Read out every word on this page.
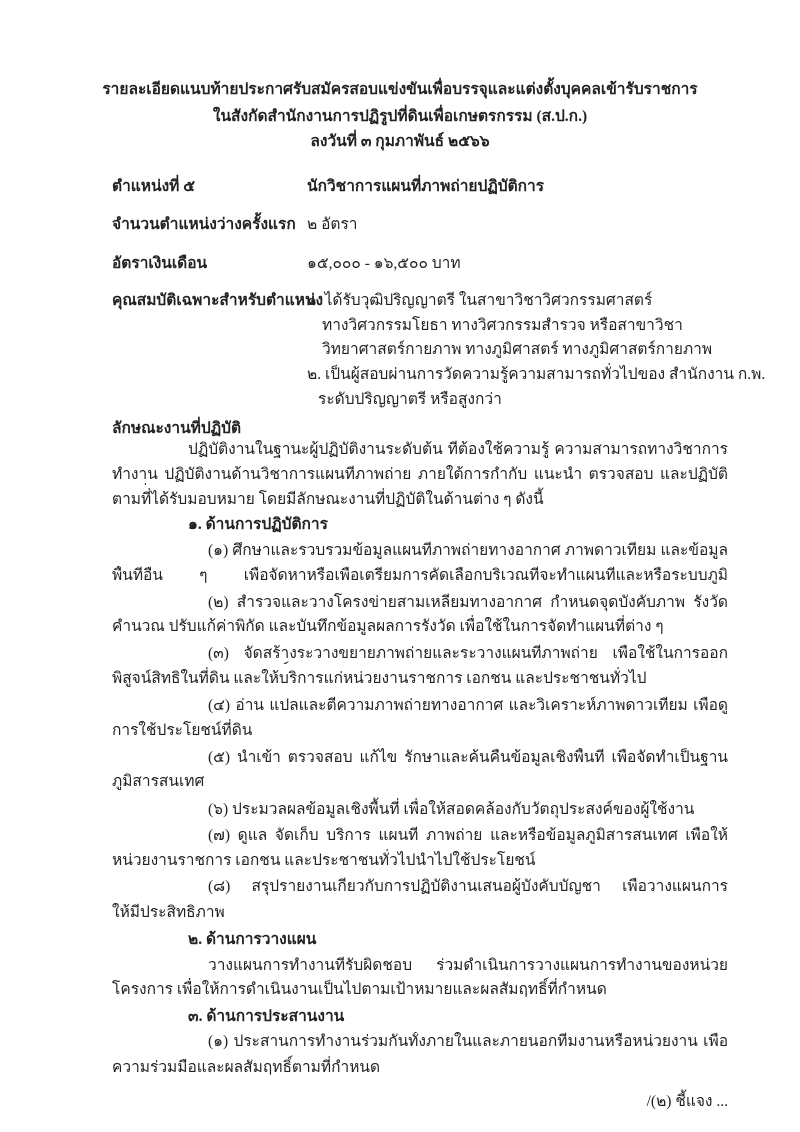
รายละเอียดแนบท้ายประกาศรับสมัครสอบแข่งขันเพื่อบรรจุและแต่งตั้งบุคคลเข้ารับราชการ
ในสังกัดสำนักงานการปฏิรูปที่ดินเพื่อเกษตรกรรม (ส.ป.ก.)
ลงวันที่ ๓ กุมภาพันธ์ ๒๕๖๖
ตำแหน่งที่ ๕	นักวิชาการแผนที่ภาพถ่ายปฏิบัติการ
จำนวนตำแหน่งว่างครั้งแรก ๒ อัตรา
อัตราเงินเดือน	๑๕,๐๐๐ - ๑๖,๕๐๐ บาท
คุณสมบัติเฉพาะสำหรับตำแหน่ง
๑. ได้รับวุฒิปริญญาตรี ในสาขาวิชาวิศวกรรมศาสตร์
ทางวิศวกรรมโยธา ทางวิศวกรรมสำรวจ หรือสาขาวิชา
วิทยาศาสตร์กายภาพ ทางภูมิศาสตร์ ทางภูมิศาสตร์กายภาพ
๒. เป็นผู้สอบผ่านการวัดความรู้ความสามารถทั่วไปของ สำนักงาน ก.พ.
ระดับปริญญาตรี หรือสูงกว่า
ลักษณะงานที่ปฏิบัติ
ปฏิบัติงานในฐานะผู้ปฏิบัติงานระดับต้น ที่ต้องใช้ความรู้ ความสามารถทางวิชาการ
ทำงาน ปฏิบัติงานด้านวิชาการแผนที่ภาพถ่าย ภายใต้การกำกับ แนะนำ ตรวจสอบ และปฏิบัติ
ตามที่ได้รับมอบหมาย โดยมีลักษณะงานที่ปฏิบัติในด้านต่าง ๆ ดังนี้
๑. ด้านการปฏิบัติการ
(๑) ศึกษาและรวบรวมข้อมูลแผนที่ภาพถ่ายทางอากาศ ภาพดาวเทียม และข้อมูล
พื้นที่อื่น ๆ เพื่อจัดหาหรือเพื่อเตรียมการคัดเลือกบริเวณที่จะทำแผนที่และหรือระบบภูมิ
(๒) สำรวจและวางโครงข่ายสามเหลี่ยมทางอากาศ กำหนดจุดบังคับภาพ รังวัด
คำนวณ ปรับแก้ค่าพิกัด และบันทึกข้อมูลผลการรังวัด เพื่อใช้ในการจัดทำแผนที่ต่าง ๆ
(๓) จัดสร้างระวางขยายภาพถ่ายและระวางแผนที่ภาพถ่าย เพื่อใช้ในการออก
พิสูจน์สิทธิในที่ดิน และให้บริการแก่หน่วยงานราชการ เอกชน และประชาชนทั่วไป
(๔) อ่าน แปลและตีความภาพถ่ายทางอากาศ และวิเคราะห์ภาพดาวเทียม เพื่อดู
การใช้ประโยชน์ที่ดิน
(๕) นำเข้า ตรวจสอบ แก้ไข รักษาและค้นคืนข้อมูลเชิงพื้นที่ เพื่อจัดทำเป็นฐาน
ภูมิสารสนเทศ
(๖) ประมวลผลข้อมูลเชิงพื้นที่ เพื่อให้สอดคล้องกับวัตถุประสงค์ของผู้ใช้งาน
(๗) ดูแล จัดเก็บ บริการ แผนที่ ภาพถ่าย และหรือข้อมูลภูมิสารสนเทศ เพื่อให้
หน่วยงานราชการ เอกชน และประชาชนทั่วไปนำไปใช้ประโยชน์
(๘) สรุปรายงานเกี่ยวกับการปฏิบัติงานเสนอผู้บังคับบัญชา เพื่อวางแผนการ
ให้มีประสิทธิภาพ
๒. ด้านการวางแผน
วางแผนการทำงานที่รับผิดชอบ ร่วมดำเนินการวางแผนการทำงานของหน่วย
โครงการ เพื่อให้การดำเนินงานเป็นไปตามเป้าหมายและผลสัมฤทธิ์ที่กำหนด
๓. ด้านการประสานงาน
(๑) ประสานการทำงานร่วมกันทั้งภายในและภายนอกทีมงานหรือหน่วยงาน เพื่อ
ความร่วมมือและผลสัมฤทธิ์ตามที่กำหนด
/(๒) ชี้แจง ...
